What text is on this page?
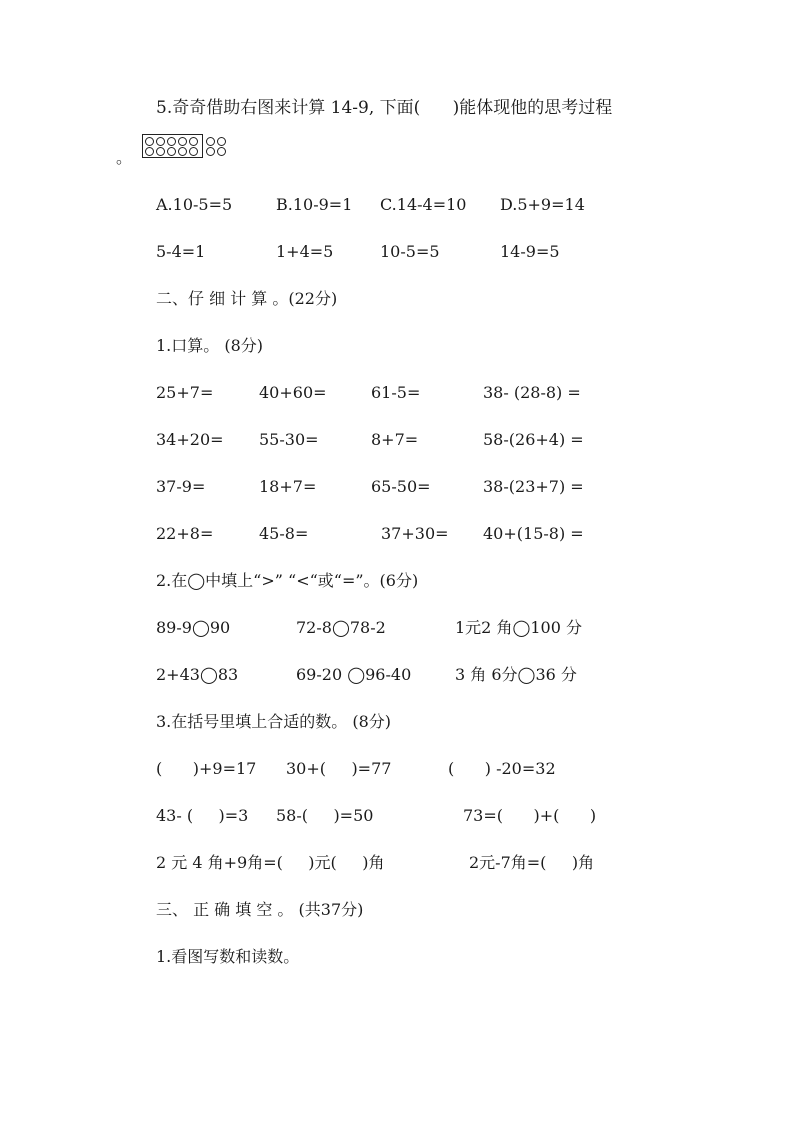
5.奇奇借助右图来计算 14-9, 下面(      )能体现他的思考过程
。
A.10-5=5	B.10-9=1 C.14-4=10 D.5+9=14
5-4=1	1+4=5	10-5=5	14-9=5
二、仔 细 计 算 。(22分)
1.口算。 (8分)
25+7=	40+60=	61-5=	38- (28-8) =
34+20= 55-30=	8+7=	58-(26+4) =
37-9=	18+7=	65-50=	38-(23+7) =
22+8=	45-8=	37+30= 40+(15-8) =
2.在◯中填上“>” “<“或“=”。(6分)
89-9◯90	72-8◯78-2	1元2 角◯100 分
2+43◯83	69-20 ◯96-40	3 角 6分◯36 分
3.在括号里填上合适的数。 (8分)
(      )+9=17 30+(     )=77	(      ) -20=32
43- (     )=3 58-(     )=50	73=(      )+(      )
2 元 4 角+9角=(     )元(     )角	2元-7角=(     )角
三、 正 确 填 空 。 (共37分)
1.看图写数和读数。
